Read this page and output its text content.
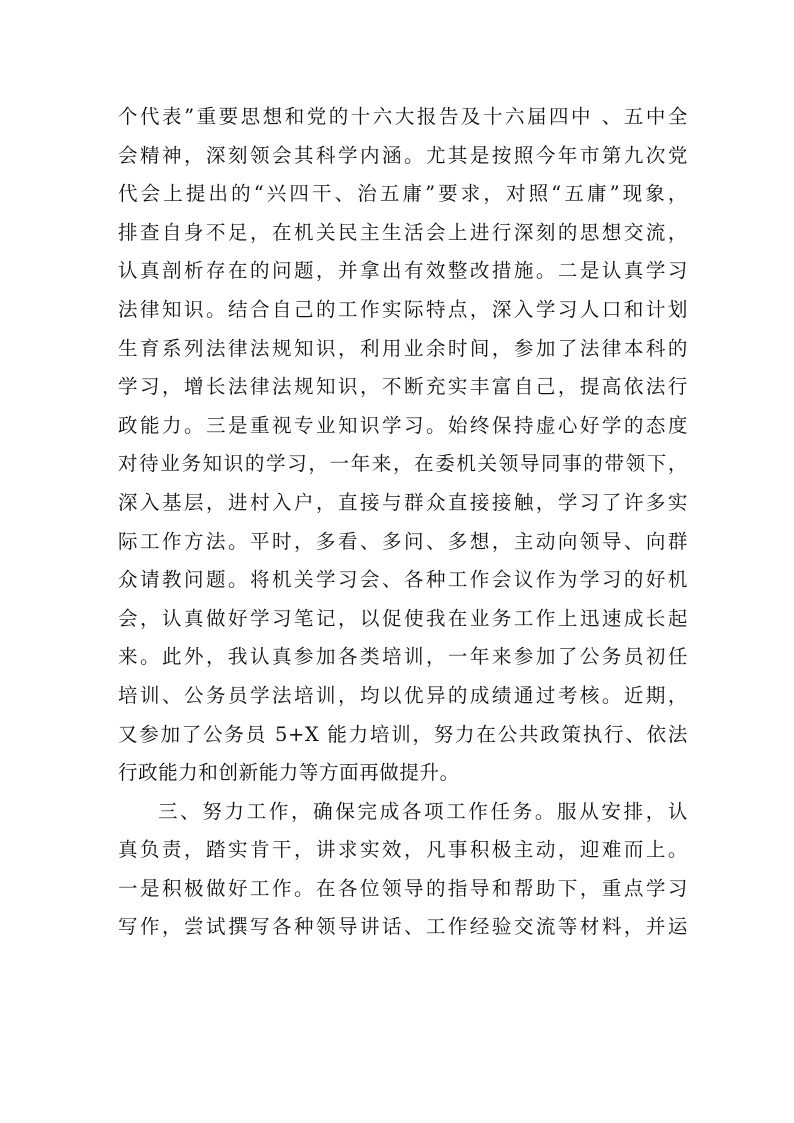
个代表”重要思想和党的十六大报告及十六届四中 、五中全
会精神，深刻领会其科学内涵。尤其是按照今年市第九次党
代会上提出的“兴四干、治五庸”要求，对照“五庸”现象，
排查自身不足，在机关民主生活会上进行深刻的思想交流，
认真剖析存在的问题，并拿出有效整改措施。二是认真学习
法律知识。结合自己的工作实际特点，深入学习人口和计划
生育系列法律法规知识，利用业余时间，参加了法律本科的
学习，增长法律法规知识，不断充实丰富自己，提高依法行
政能力。三是重视专业知识学习。始终保持虚心好学的态度
对待业务知识的学习，一年来，在委机关领导同事的带领下，
深入基层，进村入户，直接与群众直接接触，学习了许多实
际工作方法。平时，多看、多问、多想，主动向领导、向群
众请教问题。将机关学习会、各种工作会议作为学习的好机
会，认真做好学习笔记，以促使我在业务工作上迅速成长起
来。此外，我认真参加各类培训，一年来参加了公务员初任
培训、公务员学法培训，均以优异的成绩通过考核。近期，
又参加了公务员 5+X 能力培训，努力在公共政策执行、依法
行政能力和创新能力等方面再做提升。
三、努力工作，确保完成各项工作任务。服从安排，认
真负责，踏实肯干，讲求实效，凡事积极主动，迎难而上。
一是积极做好工作。在各位领导的指导和帮助下，重点学习
写作，尝试撰写各种领导讲话、工作经验交流等材料，并运
